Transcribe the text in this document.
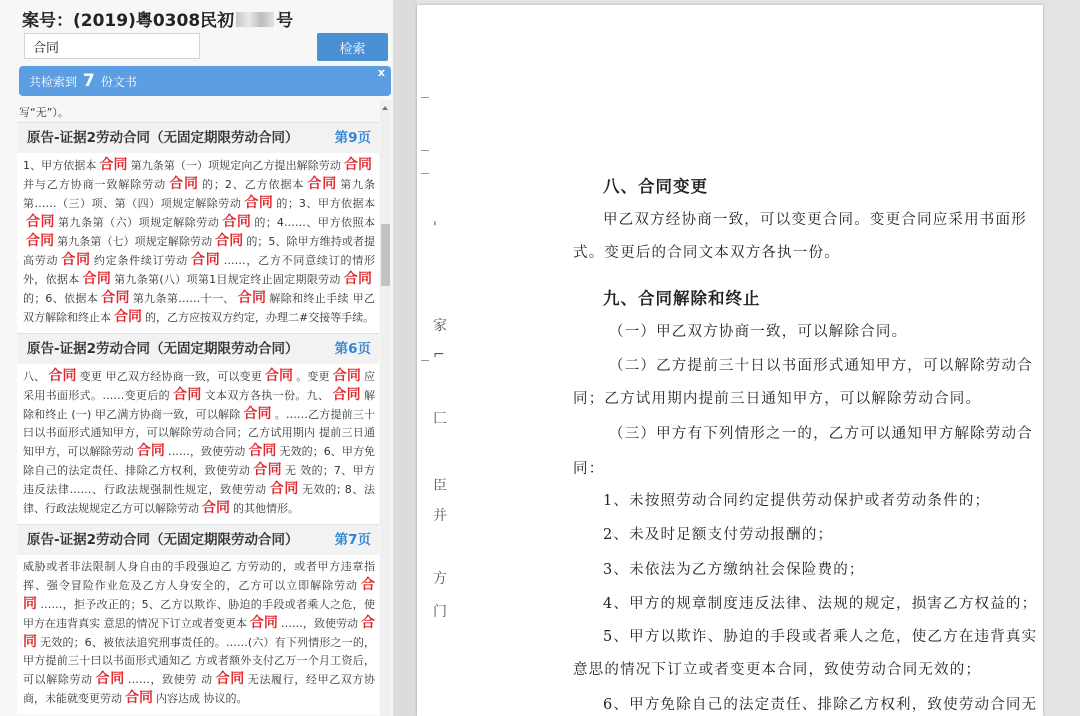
案号：(2019)粤0308民初 号
合同
检索
共检索到 7 份文书
x
写“无”）。
原告-证据2劳动合同（无固定期限劳动合同）	第9页
1、甲方依据本 合同 第九条第（一）项规定向乙方提出解除劳动 合同并与乙方协商一致解除劳动 合同 的；2、乙方依据本 合同 第九条第……（三）项、第（四）项规定解除劳动 合同 的；3、甲方依据本合同 第九条第（六）项规定解除劳动 合同 的；4……、甲方依照本合同 第九条第（七）项规定解除劳动 合同 的；5、除甲方维持或者提高劳动 合同 约定条件续订劳动 合同 ……，乙方不同意续订的情形外，依据本 合同 第九条第(八）项第1目规定终止固定期限劳动 合同的；6、依据本 合同 第九条第……十一、 合同 解除和终止手续 甲乙双方解除和终止本 合同 的，乙方应按双方约定，办理二#交接等手续。
原告-证据2劳动合同（无固定期限劳动合同）	第6页
八、 合同 变更 甲乙双方经协商一致，可以变更 合同 。变更 合同 应采用书面形式。……变更后的 合同 文本双方各执一份。九、 合同 解除和终止 (一) 甲乙满方协商一致，可以解除 合同 。……乙方提前三十曰以书面形式通知甲方，可以解除劳动合同；乙方试用期内 提前三日通知甲方，可以解除劳动 合同 ……，致使劳动 合同 无效的；6、甲方免除自己的法定责任、排除乙方权利，致使劳动 合同 无 效的；7、甲方违反法律……、行政法规强制性规定，致使劳动 合同 无效的; 8、法律、行政法规规定乙方可以解除劳动 合同 的其他情形。
原告-证据2劳动合同（无固定期限劳动合同）	第7页
威胁或者非法限制人身自由的手段强迫乙 方劳动的，或者甲方违章指挥、强令冒险作业危及乙方人身安全的，乙方可以立即解除劳动 合同 ……，拒予改正的；5、乙方以欺诈、胁迫的手段或者乘人之危，使甲方在违背真实 意思的情况下订立或者变更本 合同 ……，致使劳动 合同 无效的；6、被依法追究刑事责任的。……(六）有下列情形之一的，甲方提前三十曰以书面形式通知乙 方或者额外支付乙万一个月工资后，可以解除劳动 合同 ……，致使劳 动 合同 无法履行，经甲乙双方协商，未能就变更劳动 合同 内容达成 协议的。
'
家
⌐
匚
臣
并
方
门
八、合同变更
甲乙双方经协商一致，可以变更合同。变更合同应采用书面形
式。变更后的合同文本双方各执一份。
九、合同解除和终止
（一）甲乙双方协商一致，可以解除合同。
（二）乙方提前三十日以书面形式通知甲方，可以解除劳动合
同；乙方试用期内提前三日通知甲方，可以解除劳动合同。
（三）甲方有下列情形之一的，乙方可以通知甲方解除劳动合
同：
1、未按照劳动合同约定提供劳动保护或者劳动条件的；
2、未及时足额支付劳动报酬的；
3、未依法为乙方缴纳社会保险费的；
4、甲方的规章制度违反法律、法规的规定，损害乙方权益的；
5、甲方以欺诈、胁迫的手段或者乘人之危，使乙方在违背真实
意思的情况下订立或者变更本合同，致使劳动合同无效的；
6、甲方免除自己的法定责任、排除乙方权利，致使劳动合同无
